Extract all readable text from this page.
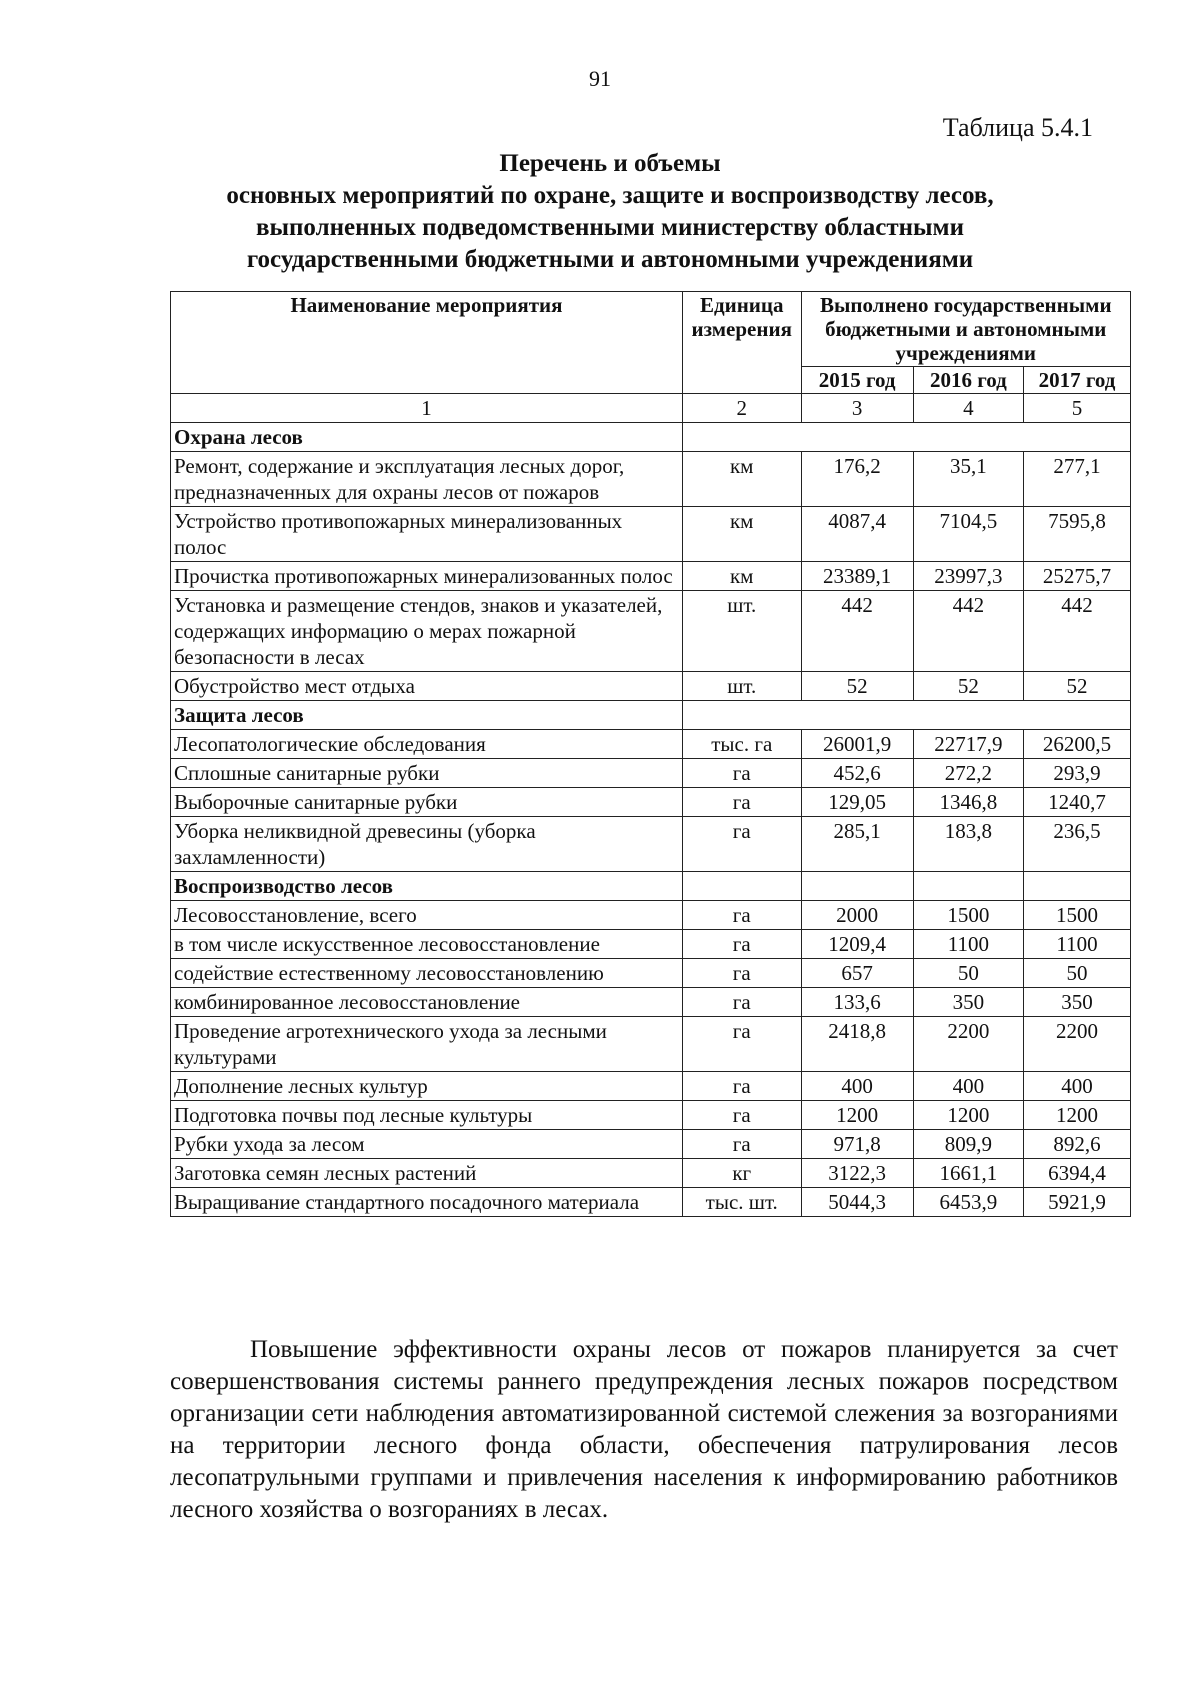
91
Таблица 5.4.1
Перечень и объемы
основных мероприятий по охране, защите и воспроизводству лесов,
выполненных подведомственными министерству областными
государственными бюджетными и автономными учреждениями
Наименование мероприятия	Единица измерения	Выполнено государственными бюджетными и автономными учреждениями		
		2015 год	2016 год	2017 год
1	2	3	4	5
Охрана лесов				
Ремонт, содержание и эксплуатация лесных дорог, предназначенных для охраны лесов от пожаров	км	176,2	35,1	277,1
Устройство противопожарных минерализованных полос	км	4087,4	7104,5	7595,8
Прочистка противопожарных минерализованных полос	км	23389,1	23997,3	25275,7
Установка и размещение стендов, знаков и указателей, содержащих информацию о мерах пожарной безопасности в лесах	шт.	442	442	442
Обустройство мест отдыха	шт.	52	52	52
Защита лесов				
Лесопатологические обследования	тыс. га	26001,9	22717,9	26200,5
Сплошные санитарные рубки	га	452,6	272,2	293,9
Выборочные санитарные рубки	га	129,05	1346,8	1240,7
Уборка неликвидной древесины (уборка захламленности)	га	285,1	183,8	236,5
Воспроизводство лесов				
Лесовосстановление, всего	га	2000	1500	1500
в том числе искусственное лесовосстановление	га	1209,4	1100	1100
содействие естественному лесовосстановлению	га	657	50	50
комбинированное лесовосстановление	га	133,6	350	350
Проведение агротехнического ухода за лесными культурами	га	2418,8	2200	2200
Дополнение лесных культур	га	400	400	400
Подготовка почвы под лесные культуры	га	1200	1200	1200
Рубки ухода за лесом	га	971,8	809,9	892,6
Заготовка семян лесных растений	кг	3122,3	1661,1	6394,4
Выращивание стандартного посадочного материала	тыс. шт.	5044,3	6453,9	5921,9
Повышение эффективности охраны лесов от пожаров планируется за счет совершенствования системы раннего предупреждения лесных пожаров посредством организации сети наблюдения автоматизированной системой слежения за возгораниями на территории лесного фонда области, обеспечения патрулирования лесов лесопатрульными группами и привлечения населения к информированию работников лесного хозяйства о возгораниях в лесах.
